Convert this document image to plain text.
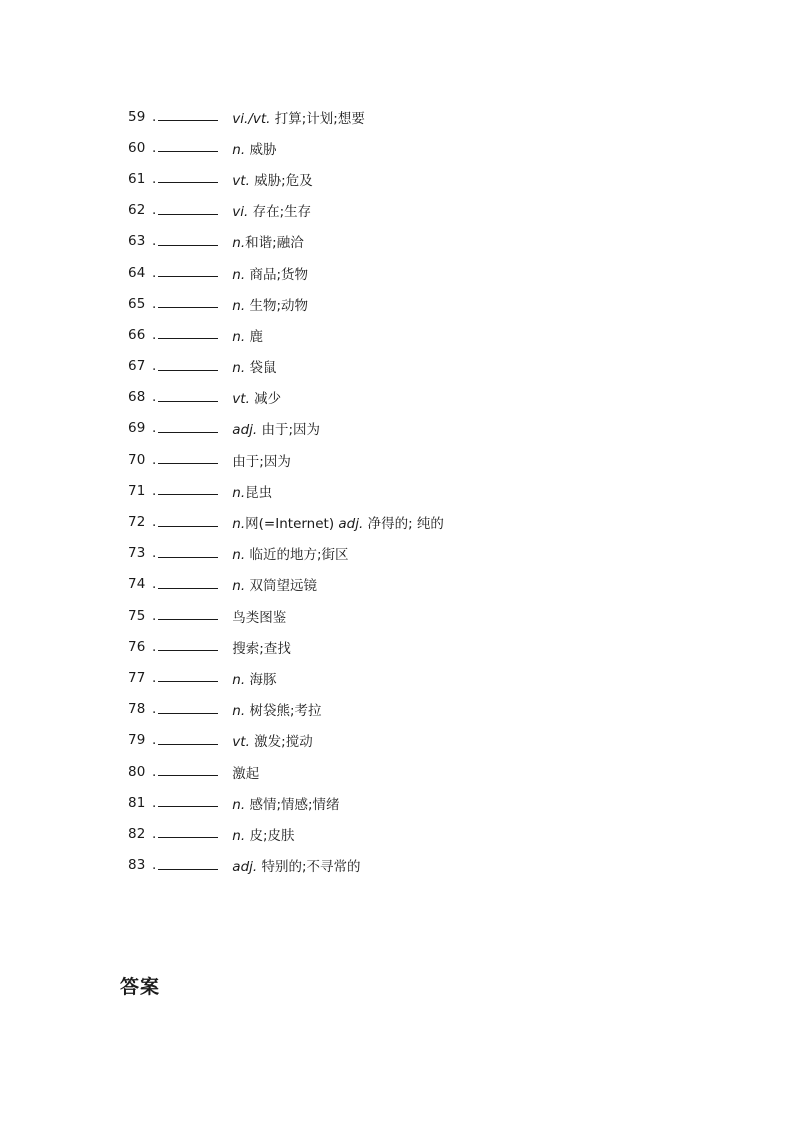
59 .	vi./vt. 打算;计划;想要
60 .	n. 威胁
61 .	vt. 威胁;危及
62 .	vi. 存在;生存
63 .	n.和谐;融洽
64 .	n. 商品;货物
65 .	n. 生物;动物
66 .	n. 鹿
67 .	n. 袋鼠
68 .	vt. 减少
69 .	adj. 由于;因为
70 .	由于;因为
71 .	n.昆虫
72 .	n.网(=Internet) adj. 净得的; 纯的
73 .	n. 临近的地方;街区
74 .	n. 双筒望远镜
75 .	鸟类图鉴
76 .	搜索;查找
77 .	n. 海豚
78 .	n. 树袋熊;考拉
79 .	vt. 激发;搅动
80 .	激起
81 .	n. 感情;情感;情绪
82 .	n. 皮;皮肤
83 .	adj. 特别的;不寻常的
答案
